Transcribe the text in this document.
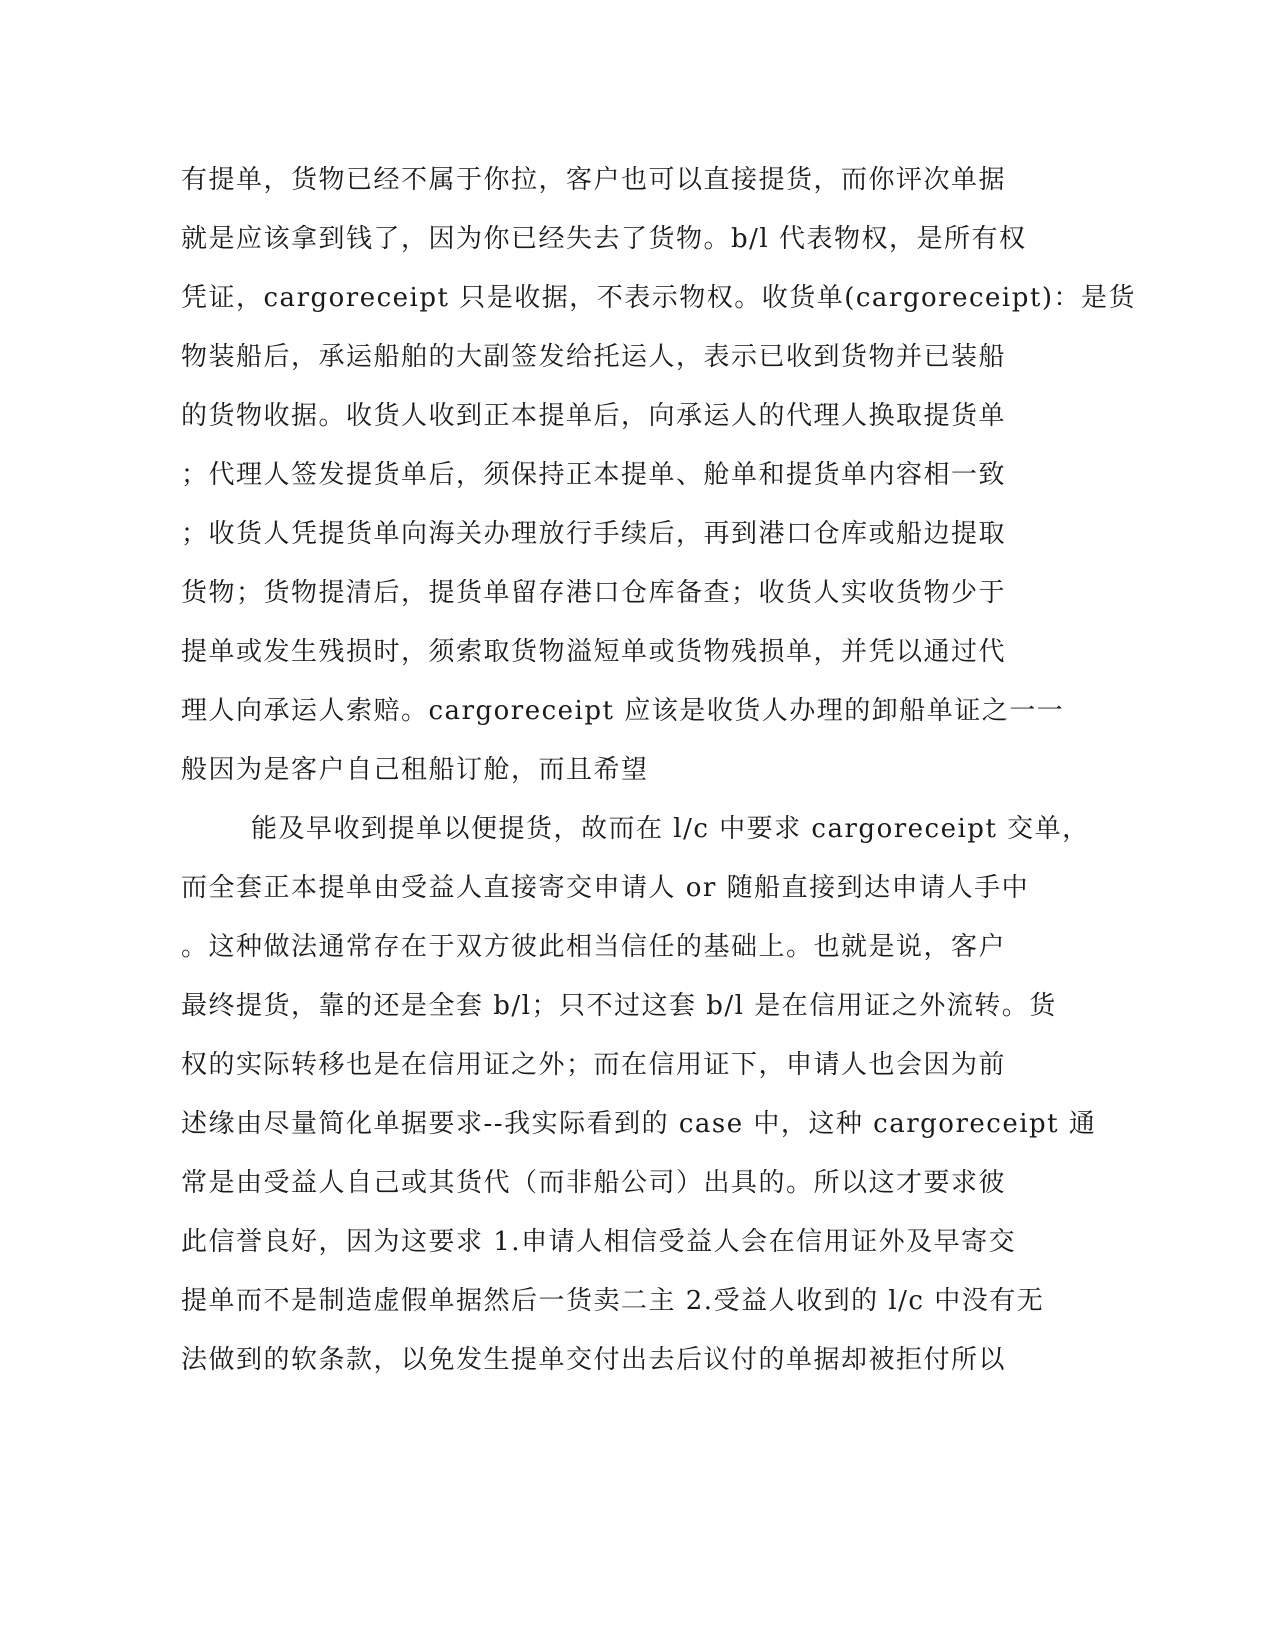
有提单，货物已经不属于你拉，客户也可以直接提货，而你评次单据
就是应该拿到钱了，因为你已经失去了货物。b/l 代表物权，是所有权
凭证，cargoreceipt 只是收据，不表示物权。收货单(cargoreceipt)：是货
物装船后，承运船舶的大副签发给托运人，表示已收到货物并已装船
的货物收据。收货人收到正本提单后，向承运人的代理人换取提货单
；代理人签发提货单后，须保持正本提单、舱单和提货单内容相一致
；收货人凭提货单向海关办理放行手续后，再到港口仓库或船边提取
货物；货物提清后，提货单留存港口仓库备查；收货人实收货物少于
提单或发生残损时，须索取货物溢短单或货物残损单，并凭以通过代
理人向承运人索赔。cargoreceipt 应该是收货人办理的卸船单证之一一
般因为是客户自己租船订舱，而且希望
能及早收到提单以便提货，故而在 l/c 中要求 cargoreceipt 交单，
而全套正本提单由受益人直接寄交申请人 or 随船直接到达申请人手中
。这种做法通常存在于双方彼此相当信任的基础上。也就是说，客户
最终提货，靠的还是全套 b/l；只不过这套 b/l 是在信用证之外流转。货
权的实际转移也是在信用证之外；而在信用证下，申请人也会因为前
述缘由尽量简化单据要求--我实际看到的 case 中，这种 cargoreceipt 通
常是由受益人自己或其货代（而非船公司）出具的。所以这才要求彼
此信誉良好，因为这要求 1.申请人相信受益人会在信用证外及早寄交
提单而不是制造虚假单据然后一货卖二主 2.受益人收到的 l/c 中没有无
法做到的软条款，以免发生提单交付出去后议付的单据却被拒付所以
